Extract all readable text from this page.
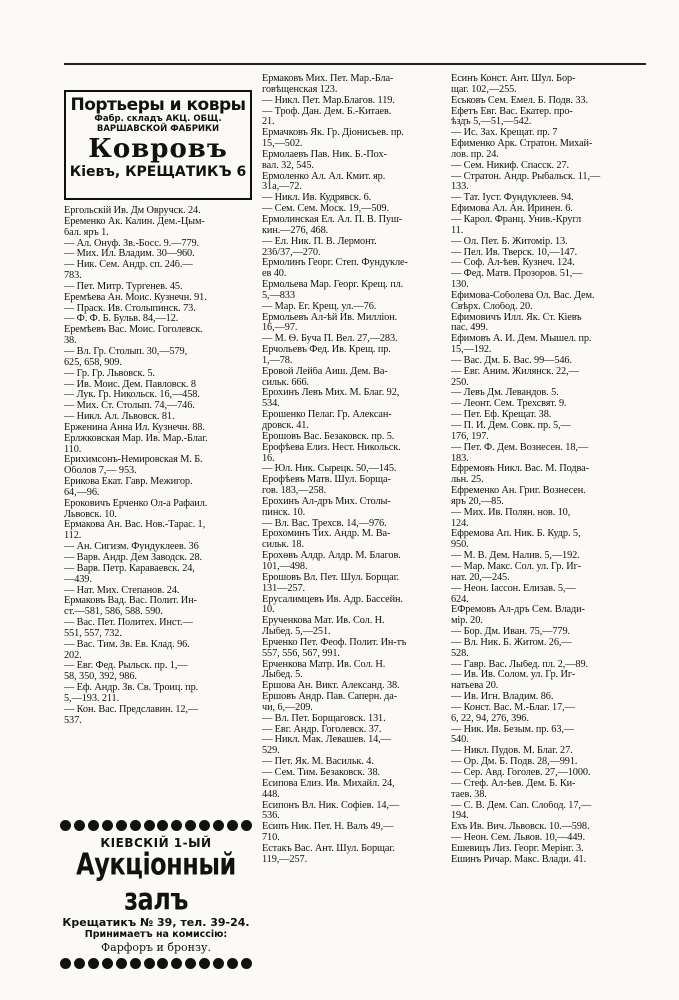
Портьеры и ковры
Фабр. складъ АКЦ. ОБЩ. ВАРШАВСКОЙ ФАБРИКИ
Ковровъ
Кіевъ, КРЕЩАТИКЪ 6
Ергольскій Ив. Дм Овручск. 24.
Еременко Ак. Калин. Дем.-Цым-
бал. яръ 1.
— Ал. Онуф. Зв.-Босс. 9.—779.
— Мих. Ил. Владим. 30—960.
— Ник. Сем. Андр. сп. 24б.—
783.
— Пет. Митр. Тургенев. 45.
Еремѣева Ан. Моис. Кузнечн. 91.
— Праск. Ив. Столыпинск. 73.
— Ф. Ф. Б. Бульв. 84,—12.
Еремѣевъ Вас. Моис. Гоголевск.
38.
— Вл. Гр. Столып. 30,—579,
625, 658, 909.
— Гр. Гр. Львовск. 5.
— Ив. Моис. Дем. Павловск. 8
— Лук. Гр. Никольск. 16,—458.
— Мих. Ст. Столып. 74,—746.
— Никл. Ал. Львовск. 81.
Ерженина Анна Ил. Кузнечн. 88.
Ерлжковская Мар. Ив. Мар.-Благ.
110.
Ерихимсонъ-Немировская М. Б.
Оболов 7,— 953.
Ерикова Екат. Гавр. Межигор.
64,—96.
Ероковичъ Ерченко Ол-а Рафаил.
Львовск. 10.
Ермакова Ан. Вас. Нов.-Тарас. 1,
112.
— Ан. Сигизм. Фундуклеев. 36
— Варв. Андр. Дем Заводск. 28.
— Варв. Петр. Караваевск. 24,
—439.
— Нат. Мих. Степанов. 24.
Ермаковъ Вад. Вас. Полит. Ин-
ст.—581, 586, 588. 590.
— Вас. Пет. Политех. Инст.—
551, 557, 732.
— Вас. Тим. Зв. Ев. Клад. 96.
202.
— Евг. Фед. Рыльск. пр. 1,—
58, 350, 392, 986.
— Еф. Андр. Зв. Св. Троиц. пр.
5,—193. 211.
— Кон. Вас. Предславин. 12,—
537.
Ермаковъ Мих. Пет. Мар.-Бла-
говѣщенская 123.
— Никл. Пет. Мар.Благов. 119.
— Троф. Дан. Дем. Б.-Китаев.
21.
Ермачковъ Як. Гр. Діонисьев. пр.
15,—502.
Ермолаевъ Пав. Ник. Б.-Пох-
вал. 32, 545.
Ермоленко Ал. Ал. Кмит. яр.
31а,—72.
— Никл. Ив. Кудрявск. 6.
— Сем. Сем. Моск. 19,—509.
Ермолинская Ел. Ал. П. В. Пуш-
кин.—276, 468.
— Ел. Ник. П. В. Лермонт.
23б/37,—270.
Ермолинъ Георг. Степ. Фундукле-
ев 40.
Ермольева Мар. Георг. Крещ. пл.
5,—833
— Мар. Ег. Крещ. ул.—76.
Ермольевъ Ал-ѣй Ив. Милліон.
16,—97.
— М. Ѳ. Буча П. Вел. 27,—283.
Ерчольевъ Фед. Ив. Крещ. пр.
1,—78.
Еровой Лейба Аиш. Дем. Ва-
сильк. 666.
Ерохинъ Левъ Мих. М. Благ. 92,
534.
Ерошенко Пелаг. Гр. Алексан-
дровск. 41.
Ерошовъ Вас. Безаковск. пр. 5.
Ерофѣева Елиз. Нест. Никольск.
16.
— Юл. Ник. Сырецк. 50,—145.
Ерофѣевъ Матв. Шул. Борща-
гов. 183,—258.
Ерохинъ Ал-дръ Мих. Столы-
пинск. 10.
— Вл. Вас. Трехсв. 14,—976.
Ерохоминъ Тих. Андр. М. Ва-
сильк. 18.
Ерохѳвъ Алдр. Алдр. М. Благов.
101,—498.
Ерошовъ Вл. Пет. Шул. Борщаг.
131—257.
Ерусалимцевъ Ив. Адр. Бассейн.
10.
Ерученкова Мат. Ив. Сол. Н.
Лыбед. 5,—251.
Ерченко Пет. Феоф. Полит. Ин-тъ
557, 556, 567, 991.
Ерченкова Матр. Ив. Сол. Н.
Лыбед. 5.
Ершова Ан. Викт. Александ. 38.
Ершовъ Андр. Пав. Саперн. да-
чи, 6,—209.
— Вл. Пет. Борщаговск. 131.
— Евг. Андр. Гоголевск. 37.
— Никл. Мак. Левашев. 14,—
529.
— Пет. Як. М. Васильк. 4.
— Сем. Тим. Безаковск. 38.
Есипова Елиз. Ив. Михайл. 24,
448.
Есипонъ Вл. Ник. Софіев. 14,—
536.
Есипъ Ник. Пет. Н. Валъ 49,—
710.
Естакъ Вас. Ант. Шул. Борщаг.
119,—257.
Есинъ Конст. Ант. Шул. Бор-
щаг. 102,—255.
Еськовъ Сем. Емел. Б. Подв. 33.
Ефетъ Евг. Вас. Екатер. про-
ѣздъ 5,—51,—542.
— Ис. Зах. Крещат. пр. 7
Ефименко Арк. Стратон. Михай-
лов. пр. 24.
— Сем. Никиф. Спасск. 27.
— Стратон. Андр. Рыбальск. 11,—
133.
— Тат. Іуст. Фундуклеев. 94.
Ефимова Ал. Ан. Иринен. 6.
— Карол. Франц. Унив.-Кругл
11.
— Ол. Пет. Б. Житомір. 13.
— Пел. Ив. Тверск. 10,—147.
— Соф. Ал-ѣев. Кузнеч. 124.
— Фед. Матв. Прозоров. 51,—
130.
Ефимова-Соболева Ол. Вас. Дем.
Свѣрх. Слобод. 20.
Ефимовичъ Илл. Як. Ст. Кіевъ
пас. 499.
Ефимовъ А. И. Дем. Мышел. пр.
15,—192.
— Вас. Дм. Б. Вас. 99—546.
— Евг. Аним. Жилянск. 22,—
250.
— Левъ Дм. Левандов. 5.
— Леонт. Сем. Трехсвят. 9.
— Пет. Еф. Крещат. 38.
— П. И. Дем. Совк. пр. 5,—
176, 197.
— Пет. Ф. Дем. Вознесен. 18,—
183.
Ефремовъ Никл. Вас. М. Подва-
льн. 25.
Ефременко Ан. Григ. Вознесен.
яръ 20,—85.
— Мих. Ив. Полян. нов. 10,
124.
Ефремова Ап. Ник. Б. Кудр. 5,
950.
— М. В. Дем. Налив. 5,—192.
— Мар. Макс. Сол. ул. Гр. Иг-
нат. 20,—245.
— Неон. Іассон. Елизав. 5,—
624.
ЕФремовъ Ал-дръ Сем. Влади-
мір. 20.
— Бор. Дм. Иван. 75,—779.
— Вл. Ник. Б. Житом. 26,—
528.
— Гавр. Вас. Лыбед. пл. 2,—89.
— Ив. Ив. Солом. ул. Гр. Иг-
натьева 20.
— Ив. Игн. Владим. 86.
— Конст. Вас. М.-Благ. 17,—
6, 22, 94, 276, 396.
— Ник. Ив. Безым. пр. 63,—
540.
— Никл. Пудов. М. Благ. 27.
— Ор. Дм. Б. Подв. 28,—991.
— Сер. Авд. Гоголев. 27,—1000.
— Стеф. Ал-ѣев. Дем. Б. Ки-
таев. 38.
— С. В. Дем. Сап. Слобод. 17,—
194.
Ехъ Ив. Вич. Львовск. 10.—598.
— Неон. Сем. Львов. 10,—449.
Ешевицъ Лиз. Георг. Мерінг. 3.
Ешинъ Ричар. Макс. Влади. 41.
КІЕВСКІЙ 1-ЫЙ
Аукціонный залъ
Крещатикъ № 39, тел. 39-24.
Принимаетъ на комиссію:
Фарфоръ и бронзу.
